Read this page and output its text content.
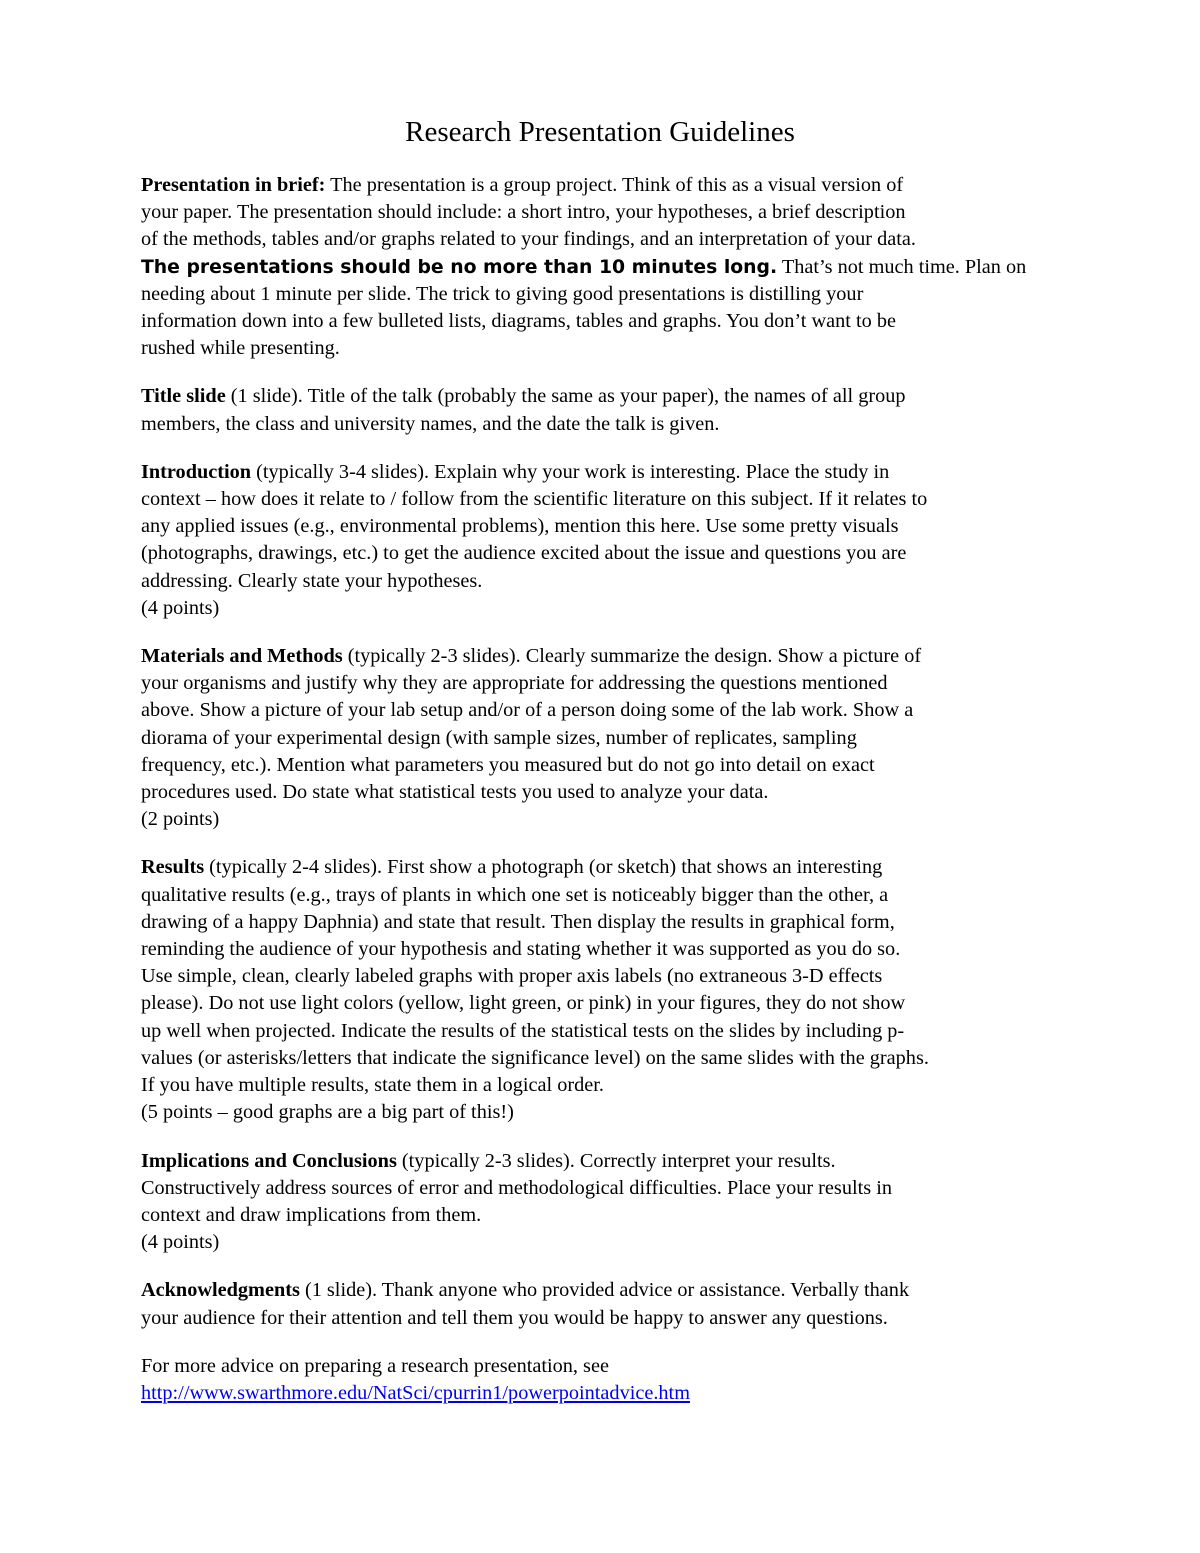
Research Presentation Guidelines

Presentation in brief: The presentation is a group project. Think of this as a visual version of
your paper. The presentation should include: a short intro, your hypotheses, a brief description
of the methods, tables and/or graphs related to your findings, and an interpretation of your data.
The presentations should be no more than 10 minutes long. That’s not much time. Plan on
needing about 1 minute per slide. The trick to giving good presentations is distilling your
information down into a few bulleted lists, diagrams, tables and graphs. You don’t want to be
rushed while presenting.

Title slide (1 slide). Title of the talk (probably the same as your paper), the names of all group
members, the class and university names, and the date the talk is given.

Introduction (typically 3-4 slides). Explain why your work is interesting. Place the study in
context – how does it relate to / follow from the scientific literature on this subject. If it relates to
any applied issues (e.g., environmental problems), mention this here. Use some pretty visuals
(photographs, drawings, etc.) to get the audience excited about the issue and questions you are
addressing. Clearly state your hypotheses.
(4 points)

Materials and Methods (typically 2-3 slides). Clearly summarize the design. Show a picture of
your organisms and justify why they are appropriate for addressing the questions mentioned
above. Show a picture of your lab setup and/or of a person doing some of the lab work. Show a
diorama of your experimental design (with sample sizes, number of replicates, sampling
frequency, etc.). Mention what parameters you measured but do not go into detail on exact
procedures used. Do state what statistical tests you used to analyze your data.
(2 points)

Results (typically 2-4 slides). First show a photograph (or sketch) that shows an interesting
qualitative results (e.g., trays of plants in which one set is noticeably bigger than the other, a
drawing of a happy Daphnia) and state that result. Then display the results in graphical form,
reminding the audience of your hypothesis and stating whether it was supported as you do so.
Use simple, clean, clearly labeled graphs with proper axis labels (no extraneous 3-D effects
please). Do not use light colors (yellow, light green, or pink) in your figures, they do not show
up well when projected. Indicate the results of the statistical tests on the slides by including p-
values (or asterisks/letters that indicate the significance level) on the same slides with the graphs.
If you have multiple results, state them in a logical order.
(5 points – good graphs are a big part of this!)

Implications and Conclusions (typically 2-3 slides). Correctly interpret your results.
Constructively address sources of error and methodological difficulties. Place your results in
context and draw implications from them.
(4 points)

Acknowledgments (1 slide). Thank anyone who provided advice or assistance. Verbally thank
your audience for their attention and tell them you would be happy to answer any questions.

For more advice on preparing a research presentation, see
http://www.swarthmore.edu/NatSci/cpurrin1/powerpointadvice.htm
